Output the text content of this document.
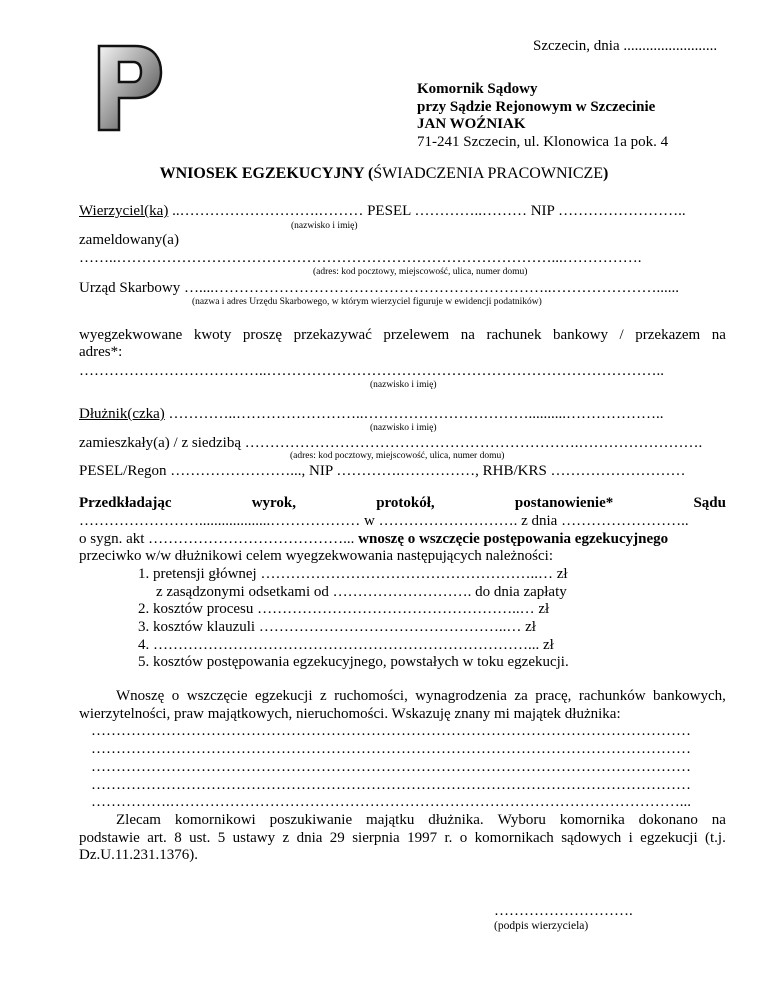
Szczecin, dnia .........................
Komornik Sądowy
przy Sądzie Rejonowym w Szczecinie
JAN WOŹNIAK
71-241 Szczecin, ul. Klonowica 1a pok. 4
WNIOSEK EGZEKUCYJNY (ŚWIADCZENIA PRACOWNICZE)
Wierzyciel(ka) ..……………………….……… PESEL …………..……… NIP ……………………..
(nazwisko i imię)
zameldowany(a)
……..……………………………………………………………………………...…………….
(adres: kod pocztowy, miejscowość, ulica, numer domu)
Urząd Skarbowy …....…………………………………………………………..…………………......
(nazwa i adres Urzędu Skarbowego, w którym wierzyciel figuruje w ewidencji podatników)
wyegzekwowane kwoty proszę przekazywać przelewem na rachunek bankowy / przekazem na
adres*:
………………………………..……………………………………………………………………..
(nazwisko i imię)
Dłużnik(czka) …………..……………………..……………………………..........………………..
(nazwisko i imię)
zamieszkały(a) / z siedzibą ………………………………………………………….…………………….
(adres: kod pocztowy, miejscowość, ulica, numer domu)
PESEL/Regon ……………………..., NIP ………….……………, RHB/KRS ………………………
Przedkładając	wyrok,	protokół,	postanowienie*	Sądu
……………………...................……………… w ………………………. z dnia ……………………..
o sygn. akt …………………………………... wnoszę o wszczęcie postępowania egzekucyjnego
przeciwko w/w dłużnikowi celem wyegzekwowania następujących należności:
1. pretensji głównej ………………………………………………..… zł
z zasądzonymi odsetkami od ………………………. do dnia zapłaty
2. kosztów procesu ……………………………………………..… zł
3. kosztów klauzuli …………………………………………..… zł
4. …………………………………………………………………... zł
5. kosztów postępowania egzekucyjnego, powstałych w toku egzekucji.
Wnoszę o wszczęcie egzekucji z ruchomości, wynagrodzenia za pracę, rachunków bankowych,
wierzytelności, praw majątkowych, nieruchomości. Wskazuję znany mi majątek dłużnika:
…………………………………………………………………………………………………………
…………………………………………………………………………………………………………
…………………………………………………………………………………………………………
…………………………………………………………………………………………………………
…………….…………………………………………………………………………………………...
Zlecam komornikowi poszukiwanie majątku dłużnika. Wyboru komornika dokonano na
podstawie art. 8 ust. 5 ustawy z dnia 29 sierpnia 1997 r. o komornikach sądowych i egzekucji (t.j.
Dz.U.11.231.1376).
……………………….
(podpis wierzyciela)
